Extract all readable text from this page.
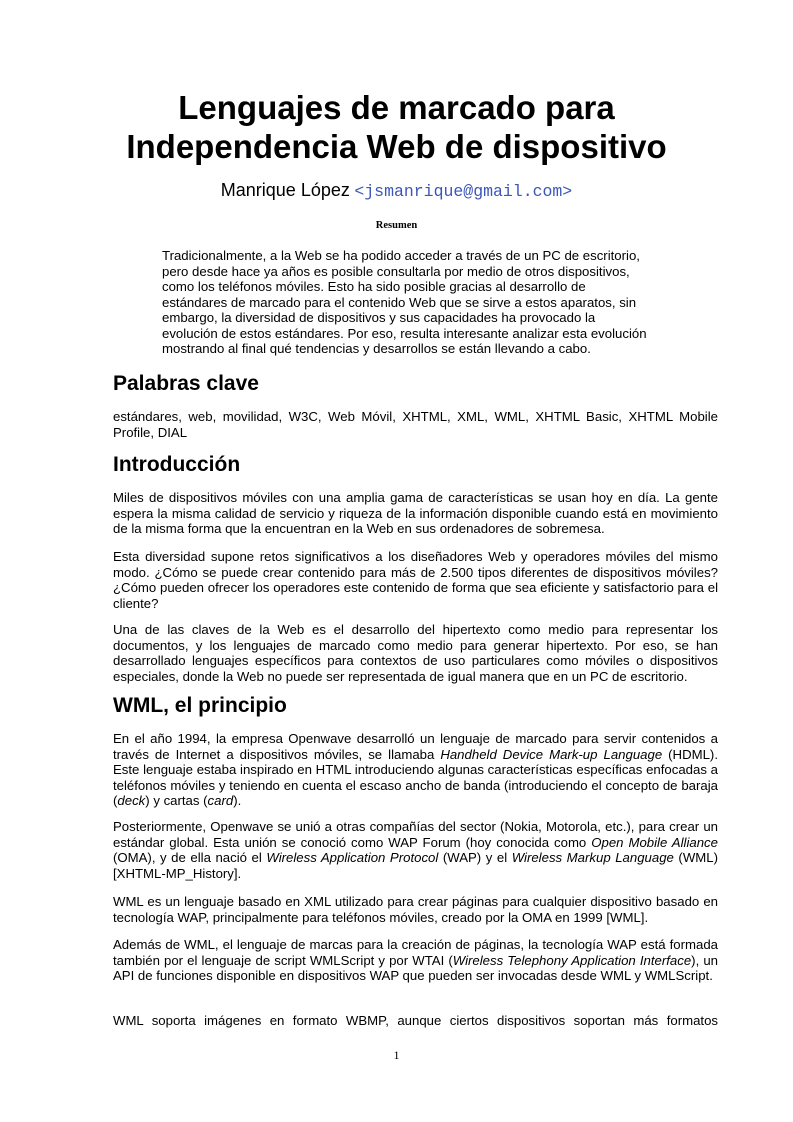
Lenguajes de marcado para
Independencia Web de dispositivo
Manrique López <jsmanrique@gmail.com>
Resumen

Tradicionalmente, a la Web se ha podido acceder a través de un PC de escritorio, pero desde hace ya años es posible consultarla por medio de otros dispositivos, como los teléfonos móviles. Esto ha sido posible gracias al desarrollo de estándares de marcado para el contenido Web que se sirve a estos aparatos, sin embargo, la diversidad de dispositivos y sus capacidades ha provocado la evolución de estos estándares. Por eso, resulta interesante analizar esta evolución mostrando al final qué tendencias y desarrollos se están llevando a cabo.

Palabras clave

estándares, web, movilidad, W3C, Web Móvil, XHTML, XML, WML, XHTML Basic, XHTML Mobile Profile, DIAL

Introducción

Miles de dispositivos móviles con una amplia gama de características se usan hoy en día. La gente espera la misma calidad de servicio y riqueza de la información disponible cuando está en movimiento de la misma forma que la encuentran en la Web en sus ordenadores de sobremesa.

Esta diversidad supone retos significativos a los diseñadores Web y operadores móviles del mismo modo. ¿Cómo se puede crear contenido para más de 2.500 tipos diferentes de dispositivos móviles? ¿Cómo pueden ofrecer los operadores este contenido de forma que sea eficiente y satisfactorio para el cliente?

Una de las claves de la Web es el desarrollo del hipertexto como medio para representar los documentos, y los lenguajes de marcado como medio para generar hipertexto. Por eso, se han desarrollado lenguajes específicos para contextos de uso particulares como móviles o dispositivos especiales, donde la Web no puede ser representada de igual manera que en un PC de escritorio.

WML, el principio

En el año 1994, la empresa Openwave desarrolló un lenguaje de marcado para servir contenidos a través de Internet a dispositivos móviles, se llamaba Handheld Device Mark-up Language (HDML). Este lenguaje estaba inspirado en HTML introduciendo algunas características específicas enfocadas a teléfonos móviles y teniendo en cuenta el escaso ancho de banda (introduciendo el concepto de baraja (deck) y cartas (card).

Posteriormente, Openwave se unió a otras compañías del sector (Nokia, Motorola, etc.), para crear un estándar global. Esta unión se conoció como WAP Forum (hoy conocida como Open Mobile Alliance (OMA), y de ella nació el Wireless Application Protocol (WAP) y el Wireless Markup Language (WML) [XHTML-MP_History].

WML es un lenguaje basado en XML utilizado para crear páginas para cualquier dispositivo basado en tecnología WAP, principalmente para teléfonos móviles, creado por la OMA en 1999 [WML].

Además de WML, el lenguaje de marcas para la creación de páginas, la tecnología WAP está formada también por el lenguaje de script WMLScript y por WTAI (Wireless Telephony Application Interface), un API de funciones disponible en dispositivos WAP que pueden ser invocadas desde WML y WMLScript.

WML soporta imágenes en formato WBMP, aunque ciertos dispositivos soportan más formatos

1
